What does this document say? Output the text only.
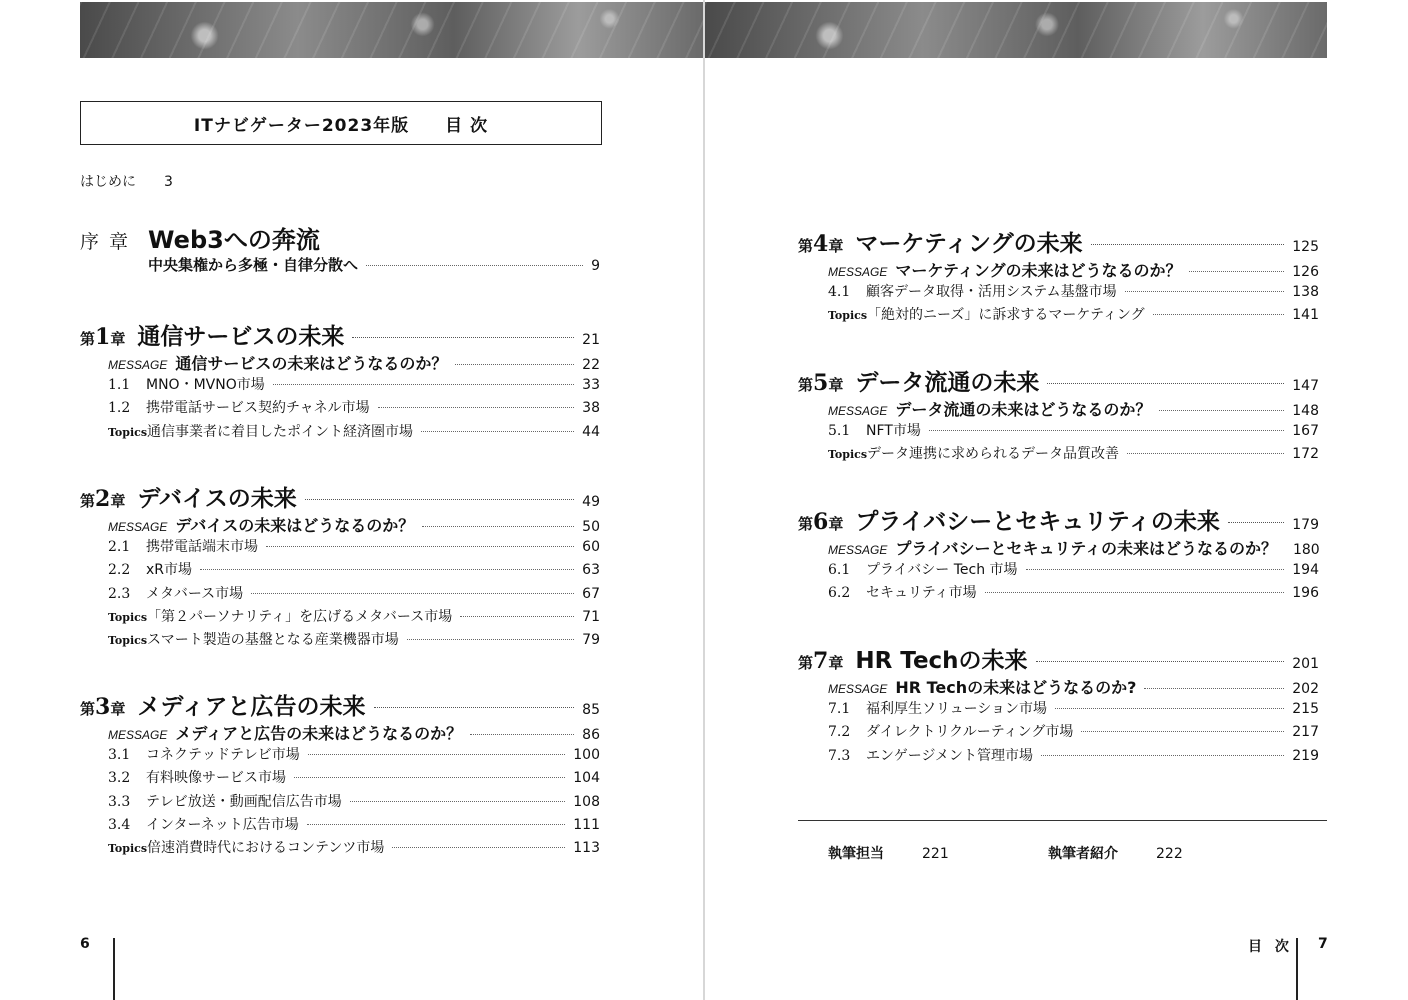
ITナビゲーター2023年版　　目 次
はじめに 3
序 章 Web3への奔流
中央集権から多極・自律分散へ	9
第1章 通信サービスの未来	21
MESSAGE 通信サービスの未来はどうなるのか？	22
1.1	MNO・MVNO市場	33
1.2	携帯電話サービス契約チャネル市場	38
Topics 通信事業者に着目したポイント経済圏市場	44
第2章 デバイスの未来	49
MESSAGE デバイスの未来はどうなるのか？	50
2.1	携帯電話端末市場	60
2.2	xR市場	63
2.3	メタバース市場	67
Topics 「第２パーソナリティ」を広げるメタバース市場	71
Topics スマート製造の基盤となる産業機器市場	79
第3章 メディアと広告の未来	85
MESSAGE メディアと広告の未来はどうなるのか？	86
3.1	コネクテッドテレビ市場	100
3.2	有料映像サービス市場	104
3.3	テレビ放送・動画配信広告市場	108
3.4	インターネット広告市場	111
Topics 倍速消費時代におけるコンテンツ市場	113
第4章 マーケティングの未来	125
MESSAGE マーケティングの未来はどうなるのか？	126
4.1	顧客データ取得・活用システム基盤市場	138
Topics 「絶対的ニーズ」に訴求するマーケティング	141
第5章 データ流通の未来	147
MESSAGE データ流通の未来はどうなるのか？	148
5.1	NFT市場	167
Topics データ連携に求められるデータ品質改善	172
第6章 プライバシーとセキュリティの未来	179
MESSAGE プライバシーとセキュリティの未来はどうなるのか？ 180
6.1	プライバシー Tech 市場	194
6.2	セキュリティ市場	196
第7章 HR Techの未来	201
MESSAGE HR Techの未来はどうなるのか?	202
7.1	福利厚生ソリューション市場	215
7.2	ダイレクトリクルーティング市場	217
7.3	エンゲージメント管理市場	219
執筆担当	221	執筆者紹介	222
6	目 次 7
